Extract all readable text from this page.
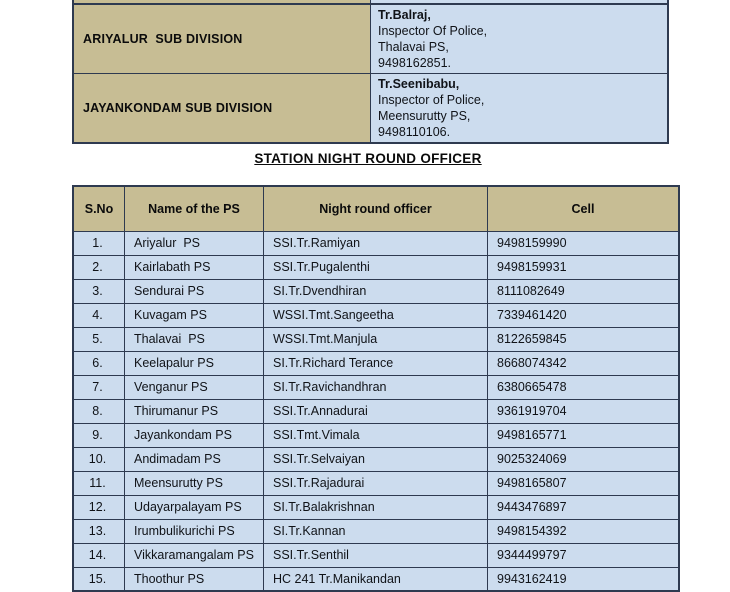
ARIYALUR  SUB DIVISION	Tr.Balraj,
Inspector Of Police,
Thalavai PS,
9498162851.

JAYANKONDAM SUB DIVISION	Tr.Seenibabu,
Inspector of Police,
Meensurutty PS,
9498110106.
STATION NIGHT ROUND OFFICER
S.No	Name of the PS	Night round officer	Cell
1.	Ariyalur  PS	SSI.Tr.Ramiyan	9498159990
2.	Kairlabath PS	SSI.Tr.Pugalenthi	9498159931
3.	Sendurai PS	SI.Tr.Dvendhiran	8111082649
4.	Kuvagam PS	WSSI.Tmt.Sangeetha	7339461420
5.	Thalavai  PS	WSSI.Tmt.Manjula	8122659845
6.	Keelapalur PS	SI.Tr.Richard Terance	8668074342
7.	Venganur PS	SI.Tr.Ravichandhran	6380665478
8.	Thirumanur PS	SSI.Tr.Annadurai	9361919704
9.	Jayankondam PS	SSI.Tmt.Vimala	9498165771
10.	Andimadam PS	SSI.Tr.Selvaiyan	9025324069
11.	Meensurutty PS	SSI.Tr.Rajadurai	9498165807
12.	Udayarpalayam PS	SI.Tr.Balakrishnan	9443476897
13.	Irumbulikurichi PS	SI.Tr.Kannan	9498154392
14.	Vikkaramangalam PS	SSI.Tr.Senthil	9344499797
15.	Thoothur PS	HC 241 Tr.Manikandan	9943162419
